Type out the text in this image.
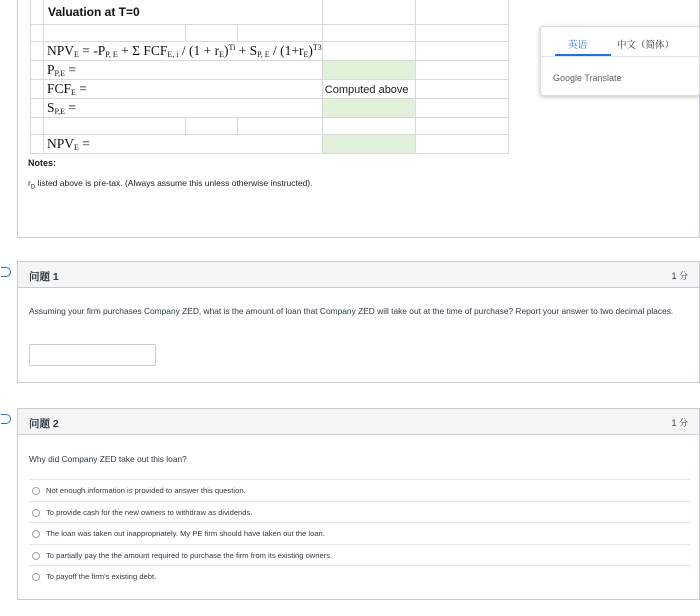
	Valuation at T=0				

	$NPV_E = -P_{P, E} + \Sigma$ $FCF_{E, i} / (1 + r_E)^{Ti} + S_{P, E} / (1+r_E)^{T3}$		
	$P_{P,E}$ =				
	$FCF_E$ =			Computed above	
	$S_{P,E}$ =				

	$NPV_E$ =				
Notes:
$r_D$ listed above is pre-tax. (Always assume this unless otherwise instructed).
英语	中文（简体）
Google Translate
问题 1	1 分
Assuming your firm purchases Company ZED, what is the amount of loan that Company ZED will take out at the time of purchase? Report your answer to two decimal places.
问题 2	1 分
Why did Company ZED take out this loan?
Not enough information is provided to answer this question.
To provide cash for the new owners to withdraw as dividends.
The loan was taken out inappropriately. My PE firm should have taken out the loan.
To partially pay the the amount required to purchase the firm from its existing owners.
To payoff the firm's existing debt.
